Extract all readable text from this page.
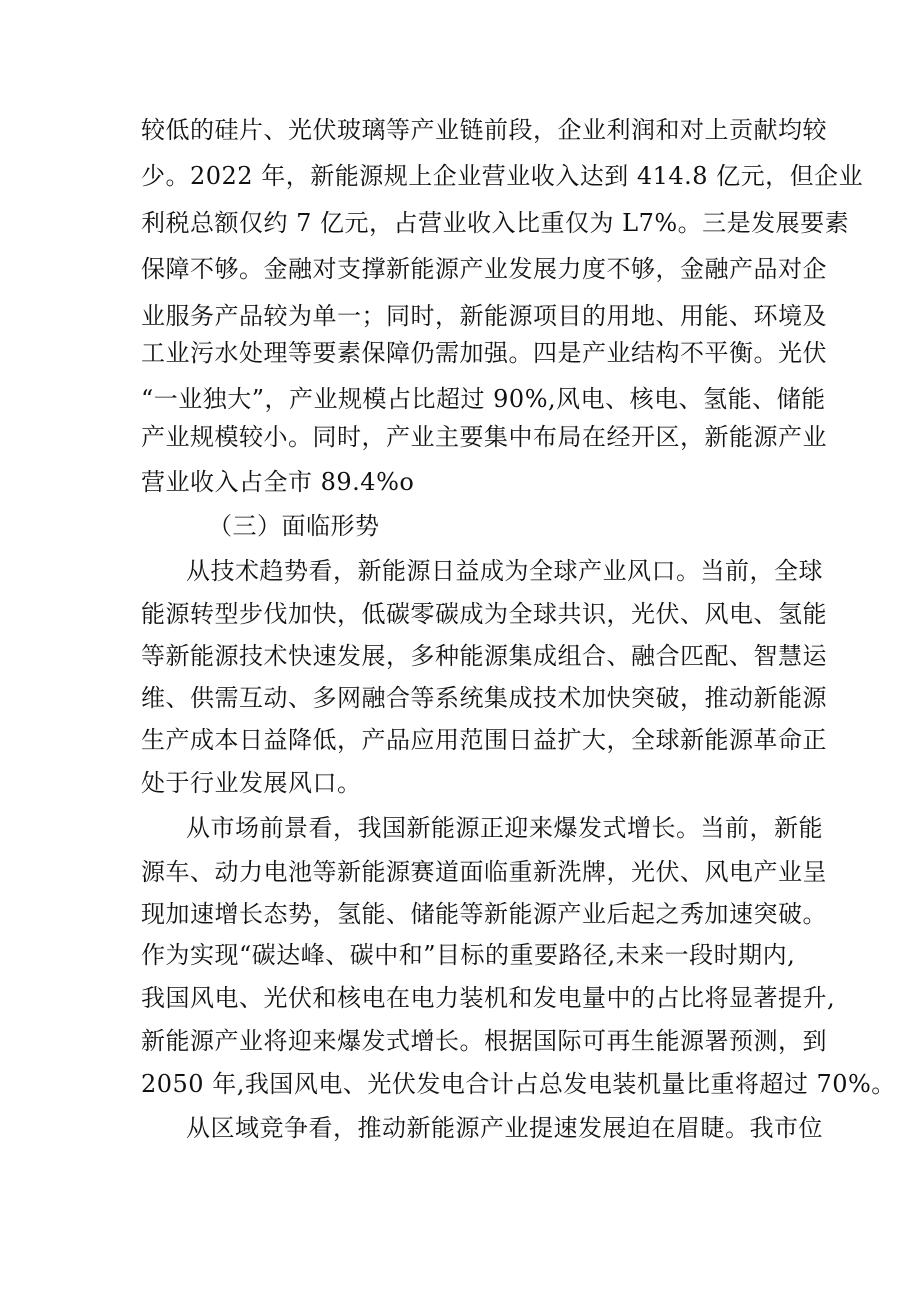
较低的硅片、光伏玻璃等产业链前段，企业利润和对上贡献均较
少。2022 年，新能源规上企业营业收入达到 414.8 亿元，但企业
利税总额仅约 7 亿元，占营业收入比重仅为 L7%。三是发展要素
保障不够。金融对支撑新能源产业发展力度不够，金融产品对企
业服务产品较为单一；同时，新能源项目的用地、用能、环境及
工业污水处理等要素保障仍需加强。四是产业结构不平衡。光伏
“一业独大”，产业规模占比超过 90%,风电、核电、氢能、储能
产业规模较小。同时，产业主要集中布局在经开区，新能源产业
营业收入占全市 89.4%o
（三）面临形势
从技术趋势看，新能源日益成为全球产业风口。当前，全球
能源转型步伐加快，低碳零碳成为全球共识，光伏、风电、氢能
等新能源技术快速发展，多种能源集成组合、融合匹配、智慧运
维、供需互动、多网融合等系统集成技术加快突破，推动新能源
生产成本日益降低，产品应用范围日益扩大，全球新能源革命正
处于行业发展风口。
从市场前景看，我国新能源正迎来爆发式增长。当前，新能
源车、动力电池等新能源赛道面临重新洗牌，光伏、风电产业呈
现加速增长态势，氢能、储能等新能源产业后起之秀加速突破。
作为实现“碳达峰、碳中和”目标的重要路径,未来一段时期内,
我国风电、光伏和核电在电力装机和发电量中的占比将显著提升,
新能源产业将迎来爆发式增长。根据国际可再生能源署预测，到
2050 年,我国风电、光伏发电合计占总发电装机量比重将超过 70%。
从区域竞争看，推动新能源产业提速发展迫在眉睫。我市位
